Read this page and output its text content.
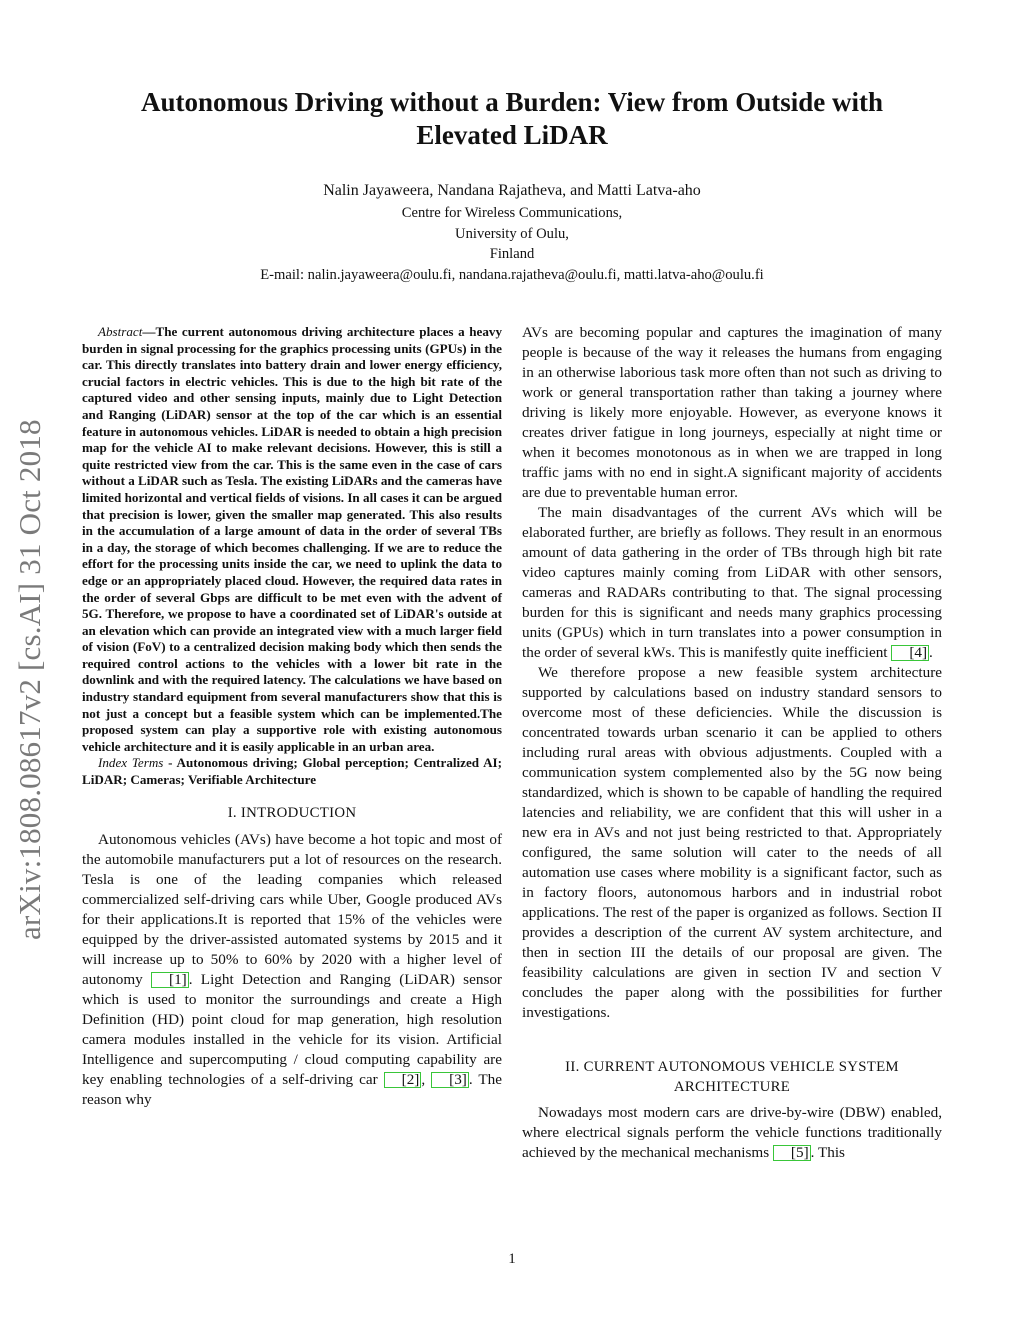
arXiv:1808.08617v2 [cs.AI] 31 Oct 2018
Autonomous Driving without a Burden: View from Outside with
Elevated LiDAR
Nalin Jayaweera, Nandana Rajatheva, and Matti Latva-aho
Centre for Wireless Communications,
University of Oulu,
Finland
E-mail: nalin.jayaweera@oulu.fi, nandana.rajatheva@oulu.fi, matti.latva-aho@oulu.fi

Abstract—The current autonomous driving architecture places a heavy burden in signal processing for the graphics processing units (GPUs) in the car. This directly translates into battery drain and lower energy efficiency, crucial factors in electric vehicles. This is due to the high bit rate of the captured video and other sensing inputs, mainly due to Light Detection and Ranging (LiDAR) sensor at the top of the car which is an essential feature in autonomous vehicles. LiDAR is needed to obtain a high precision map for the vehicle AI to make relevant decisions. However, this is still a quite restricted view from the car. This is the same even in the case of cars without a LiDAR such as Tesla. The existing LiDARs and the cameras have limited horizontal and vertical fields of visions. In all cases it can be argued that precision is lower, given the smaller map generated. This also results in the accumulation of a large amount of data in the order of several TBs in a day, the storage of which becomes challenging. If we are to reduce the effort for the processing units inside the car, we need to uplink the data to edge or an appropriately placed cloud. However, the required data rates in the order of several Gbps are difficult to be met even with the advent of 5G. Therefore, we propose to have a coordinated set of LiDAR's outside at an elevation which can provide an integrated view with a much larger field of vision (FoV) to a centralized decision making body which then sends the required control actions to the vehicles with a lower bit rate in the downlink and with the required latency. The calculations we have based on industry standard equipment from several manufacturers show that this is not just a concept but a feasible system which can be implemented.The proposed system can play a supportive role with existing autonomous vehicle architecture and it is easily applicable in an urban area.

Index Terms - Autonomous driving; Global perception; Centralized AI; LiDAR; Cameras; Verifiable Architecture

I. INTRODUCTION

Autonomous vehicles (AVs) have become a hot topic and most of the automobile manufacturers put a lot of resources on the research. Tesla is one of the leading companies which released commercialized self-driving cars while Uber, Google produced AVs for their applications.It is reported that 15% of the vehicles were equipped by the driver-assisted automated systems by 2015 and it will increase up to 50% to 60% by 2020 with a higher level of autonomy [1] . Light Detection and Ranging (LiDAR) sensor which is used to monitor the surroundings and create a High Definition (HD) point cloud for map generation, high resolution camera modules installed in the vehicle for its vision. Artificial Intelligence and supercomputing / cloud computing capability are key enabling technologies of a self-driving car [2] , [3] . The reason why

AVs are becoming popular and captures the imagination of many people is because of the way it releases the humans from engaging in an otherwise laborious task more often than not such as driving to work or general transportation rather than taking a journey where driving is likely more enjoyable. However, as everyone knows it creates driver fatigue in long journeys, especially at night time or when it becomes monotonous as in when we are trapped in long traffic jams with no end in sight.A significant majority of accidents are due to preventable human error.

The main disadvantages of the current AVs which will be elaborated further, are briefly as follows. They result in an enormous amount of data gathering in the order of TBs through high bit rate video captures mainly coming from LiDAR with other sensors, cameras and RADARs contributing to that. The signal processing burden for this is significant and needs many graphics processing units (GPUs) which in turn translates into a power consumption in the order of several kWs. This is manifestly quite inefficient [4] .

We therefore propose a new feasible system architecture supported by calculations based on industry standard sensors to overcome most of these deficiencies. While the discussion is concentrated towards urban scenario it can be applied to others including rural areas with obvious adjustments. Coupled with a communication system complemented also by the 5G now being standardized, which is shown to be capable of handling the required latencies and reliability, we are confident that this will usher in a new era in AVs and not just being restricted to that. Appropriately configured, the same solution will cater to the needs of all automation use cases where mobility is a significant factor, such as in factory floors, autonomous harbors and in industrial robot applications. The rest of the paper is organized as follows. Section II provides a description of the current AV system architecture, and then in section III the details of our proposal are given. The feasibility calculations are given in section IV and section V concludes the paper along with the possibilities for further investigations.

II. CURRENT AUTONOMOUS VEHICLE SYSTEM
ARCHITECTURE

Nowadays most modern cars are drive-by-wire (DBW) enabled, where electrical signals perform the vehicle functions traditionally achieved by the mechanical mechanisms [5] . This

1
